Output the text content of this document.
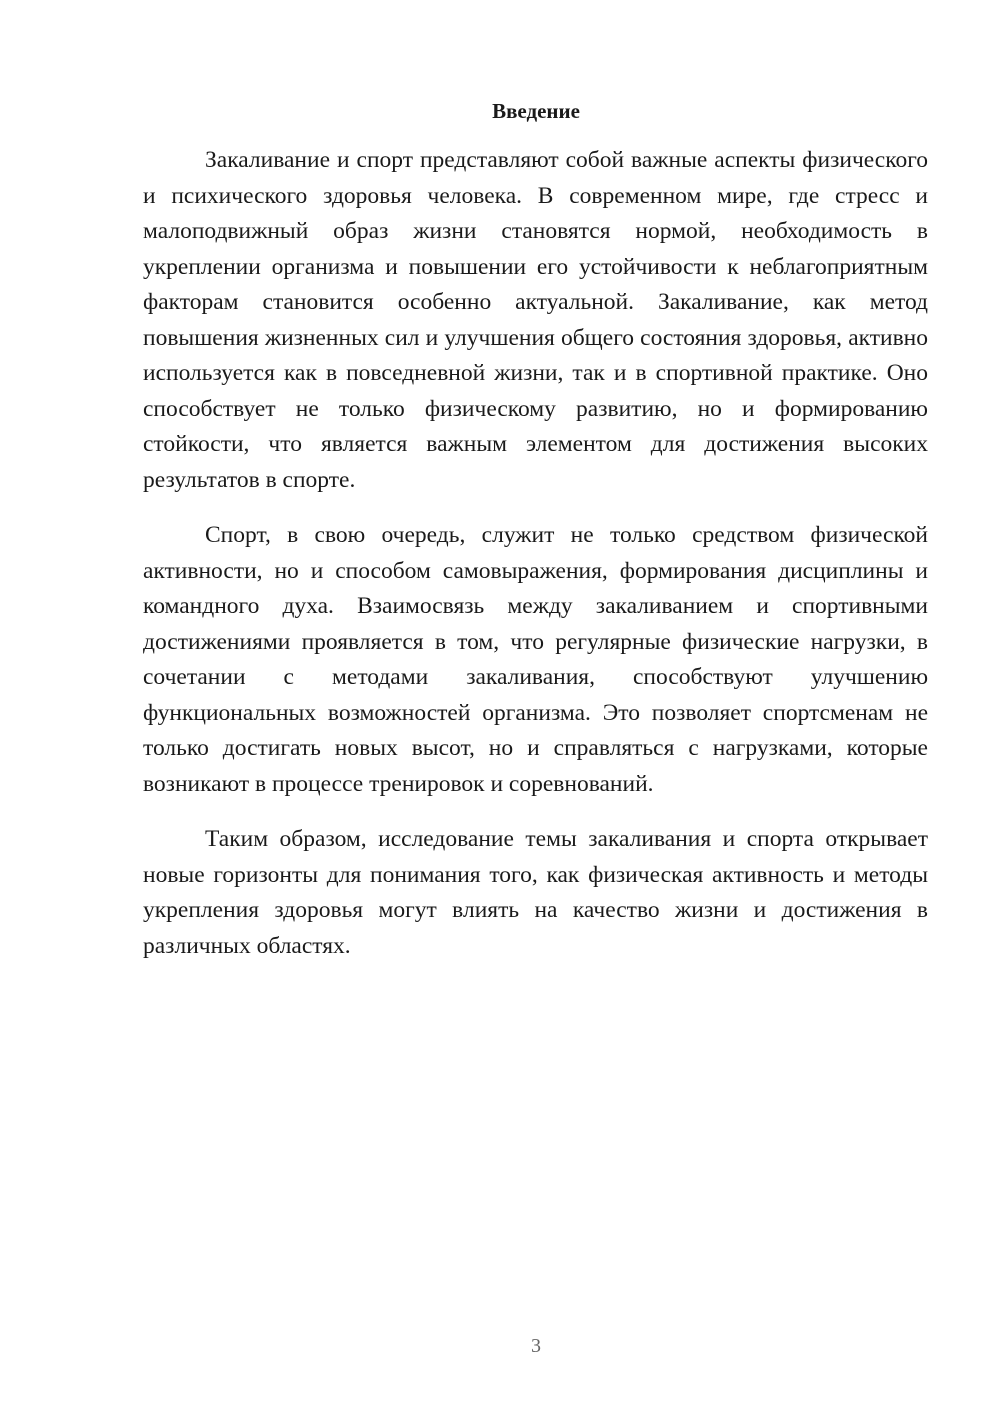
Введение

Закаливание и спорт представляют собой важные аспекты физического и психического здоровья человека. В современном мире, где стресс и малоподвижный образ жизни становятся нормой, необходимость в укреплении организма и повышении его устойчивости к неблагоприятным факторам становится особенно актуальной. Закаливание, как метод повышения жизненных сил и улучшения общего состояния здоровья, активно используется как в повседневной жизни, так и в спортивной практике. Оно способствует не только физическому развитию, но и формированию стойкости, что является важным элементом для достижения высоких результатов в спорте.

Спорт, в свою очередь, служит не только средством физической активности, но и способом самовыражения, формирования дисциплины и командного духа. Взаимосвязь между закаливанием и спортивными достижениями проявляется в том, что регулярные физические нагрузки, в сочетании с методами закаливания, способствуют улучшению функциональных возможностей организма. Это позволяет спортсменам не только достигать новых высот, но и справляться с нагрузками, которые возникают в процессе тренировок и соревнований.

Таким образом, исследование темы закаливания и спорта открывает новые горизонты для понимания того, как физическая активность и методы укрепления здоровья могут влиять на качество жизни и достижения в различных областях.

3
